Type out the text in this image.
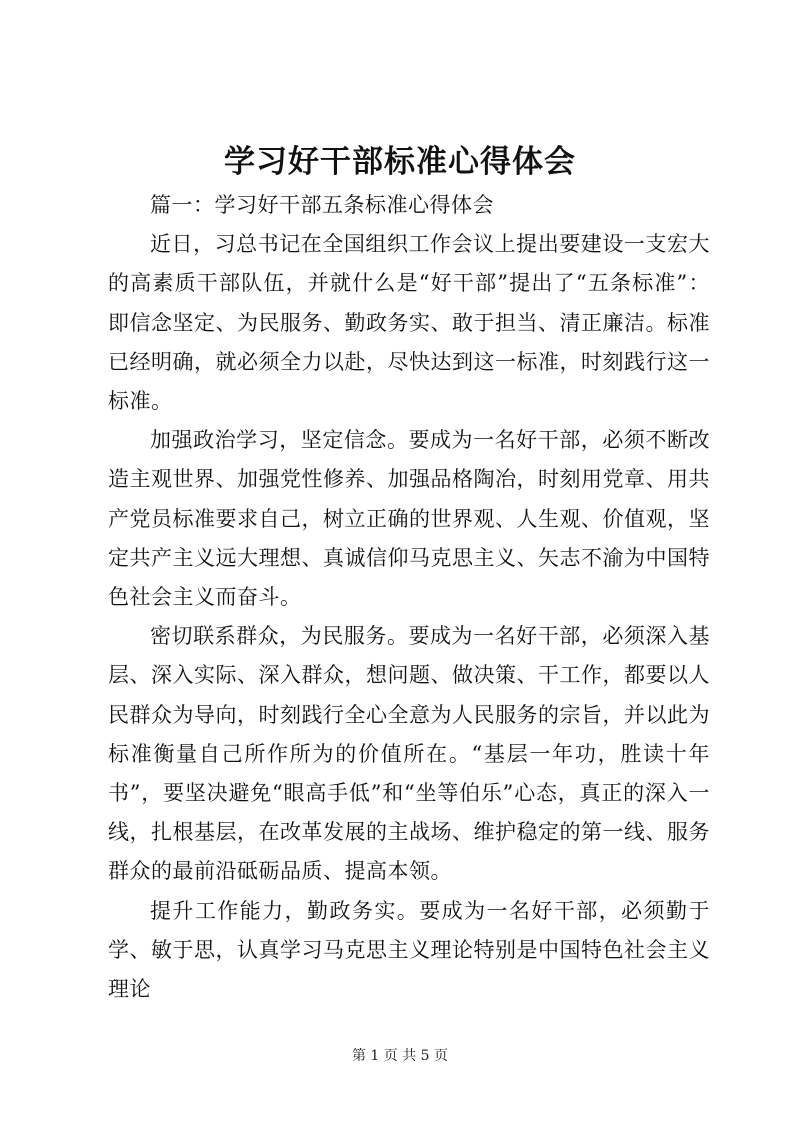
学习好干部标准心得体会

篇一：学习好干部五条标准心得体会

近日，习总书记在全国组织工作会议上提出要建设一支宏大的高素质干部队伍，并就什么是“好干部”提出了“五条标准”：即信念坚定、为民服务、勤政务实、敢于担当、清正廉洁。标准已经明确，就必须全力以赴，尽快达到这一标准，时刻践行这一标准。

加强政治学习，坚定信念。要成为一名好干部，必须不断改造主观世界、加强党性修养、加强品格陶冶，时刻用党章、用共产党员标准要求自己，树立正确的世界观、人生观、价值观，坚定共产主义远大理想、真诚信仰马克思主义、矢志不渝为中国特色社会主义而奋斗。

密切联系群众，为民服务。要成为一名好干部，必须深入基层、深入实际、深入群众，想问题、做决策、干工作，都要以人民群众为导向，时刻践行全心全意为人民服务的宗旨，并以此为标准衡量自己所作所为的价值所在。“基层一年功，胜读十年书”，要坚决避免“眼高手低”和“坐等伯乐”心态，真正的深入一线，扎根基层，在改革发展的主战场、维护稳定的第一线、服务群众的最前沿砥砺品质、提高本领。

提升工作能力，勤政务实。要成为一名好干部，必须勤于学、敏于思，认真学习马克思主义理论特别是中国特色社会主义理论

第 1 页 共 5 页
